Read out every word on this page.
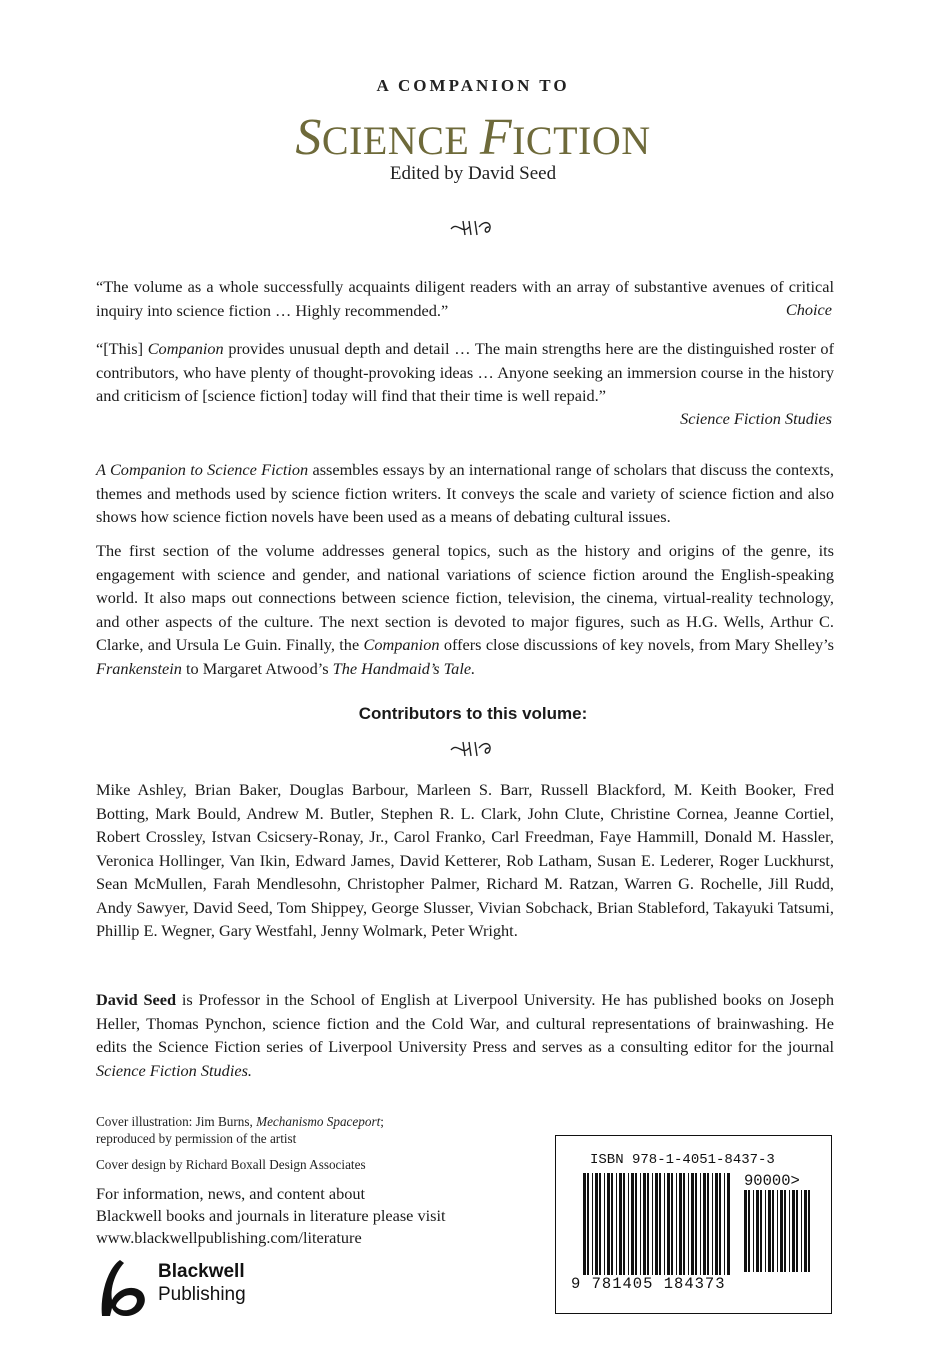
A COMPANION TO
SCIENCE FICTION
Edited by David Seed

“The volume as a whole successfully acquaints diligent readers with an array of substantive avenues of critical inquiry into science fiction … Highly recommended.”	Choice

“[This] Companion provides unusual depth and detail … The main strengths here are the distinguished roster of contributors, who have plenty of thought-provoking ideas … Anyone seeking an immersion course in the history and criticism of [science fiction] today will find that their time is well repaid.”

Science Fiction Studies

A Companion to Science Fiction assembles essays by an international range of scholars that discuss the contexts, themes and methods used by science fiction writers. It conveys the scale and variety of science fiction and also shows how science fiction novels have been used as a means of debating cultural issues.

The first section of the volume addresses general topics, such as the history and origins of the genre, its engagement with science and gender, and national variations of science fiction around the English-speaking world. It also maps out connections between science fiction, television, the cinema, virtual-reality technology, and other aspects of the culture. The next section is devoted to major figures, such as H.G. Wells, Arthur C. Clarke, and Ursula Le Guin. Finally, the Companion offers close discussions of key novels, from Mary Shelley’s Frankenstein to Margaret Atwood’s The Handmaid’s Tale.

Contributors to this volume:

Mike Ashley, Brian Baker, Douglas Barbour, Marleen S. Barr, Russell Blackford, M. Keith Booker, Fred Botting, Mark Bould, Andrew M. Butler, Stephen R. L. Clark, John Clute, Christine Cornea, Jeanne Cortiel, Robert Crossley, Istvan Csicsery-Ronay, Jr., Carol Franko, Carl Freedman, Faye Hammill, Donald M. Hassler, Veronica Hollinger, Van Ikin, Edward James, David Ketterer, Rob Latham, Susan E. Lederer, Roger Luckhurst, Sean McMullen, Farah Mendlesohn, Christopher Palmer, Richard M. Ratzan, Warren G. Rochelle, Jill Rudd, Andy Sawyer, David Seed, Tom Shippey, George Slusser, Vivian Sobchack, Brian Stableford, Takayuki Tatsumi, Phillip E. Wegner, Gary Westfahl, Jenny Wolmark, Peter Wright.

David Seed is Professor in the School of English at Liverpool University. He has published books on Joseph Heller, Thomas Pynchon, science fiction and the Cold War, and cultural representations of brainwashing. He edits the Science Fiction series of Liverpool University Press and serves as a consulting editor for the journal Science Fiction Studies.

Cover illustration: Jim Burns, Mechanismo Spaceport; reproduced by permission of the artist

Cover design by Richard Boxall Design Associates

For information, news, and content about
Blackwell books and journals in literature please visit
www.blackwellpublishing.com/literature
Blackwell
Publishing
ISBN 978-1-4051-8437-3
90000>
9 781405 184373
